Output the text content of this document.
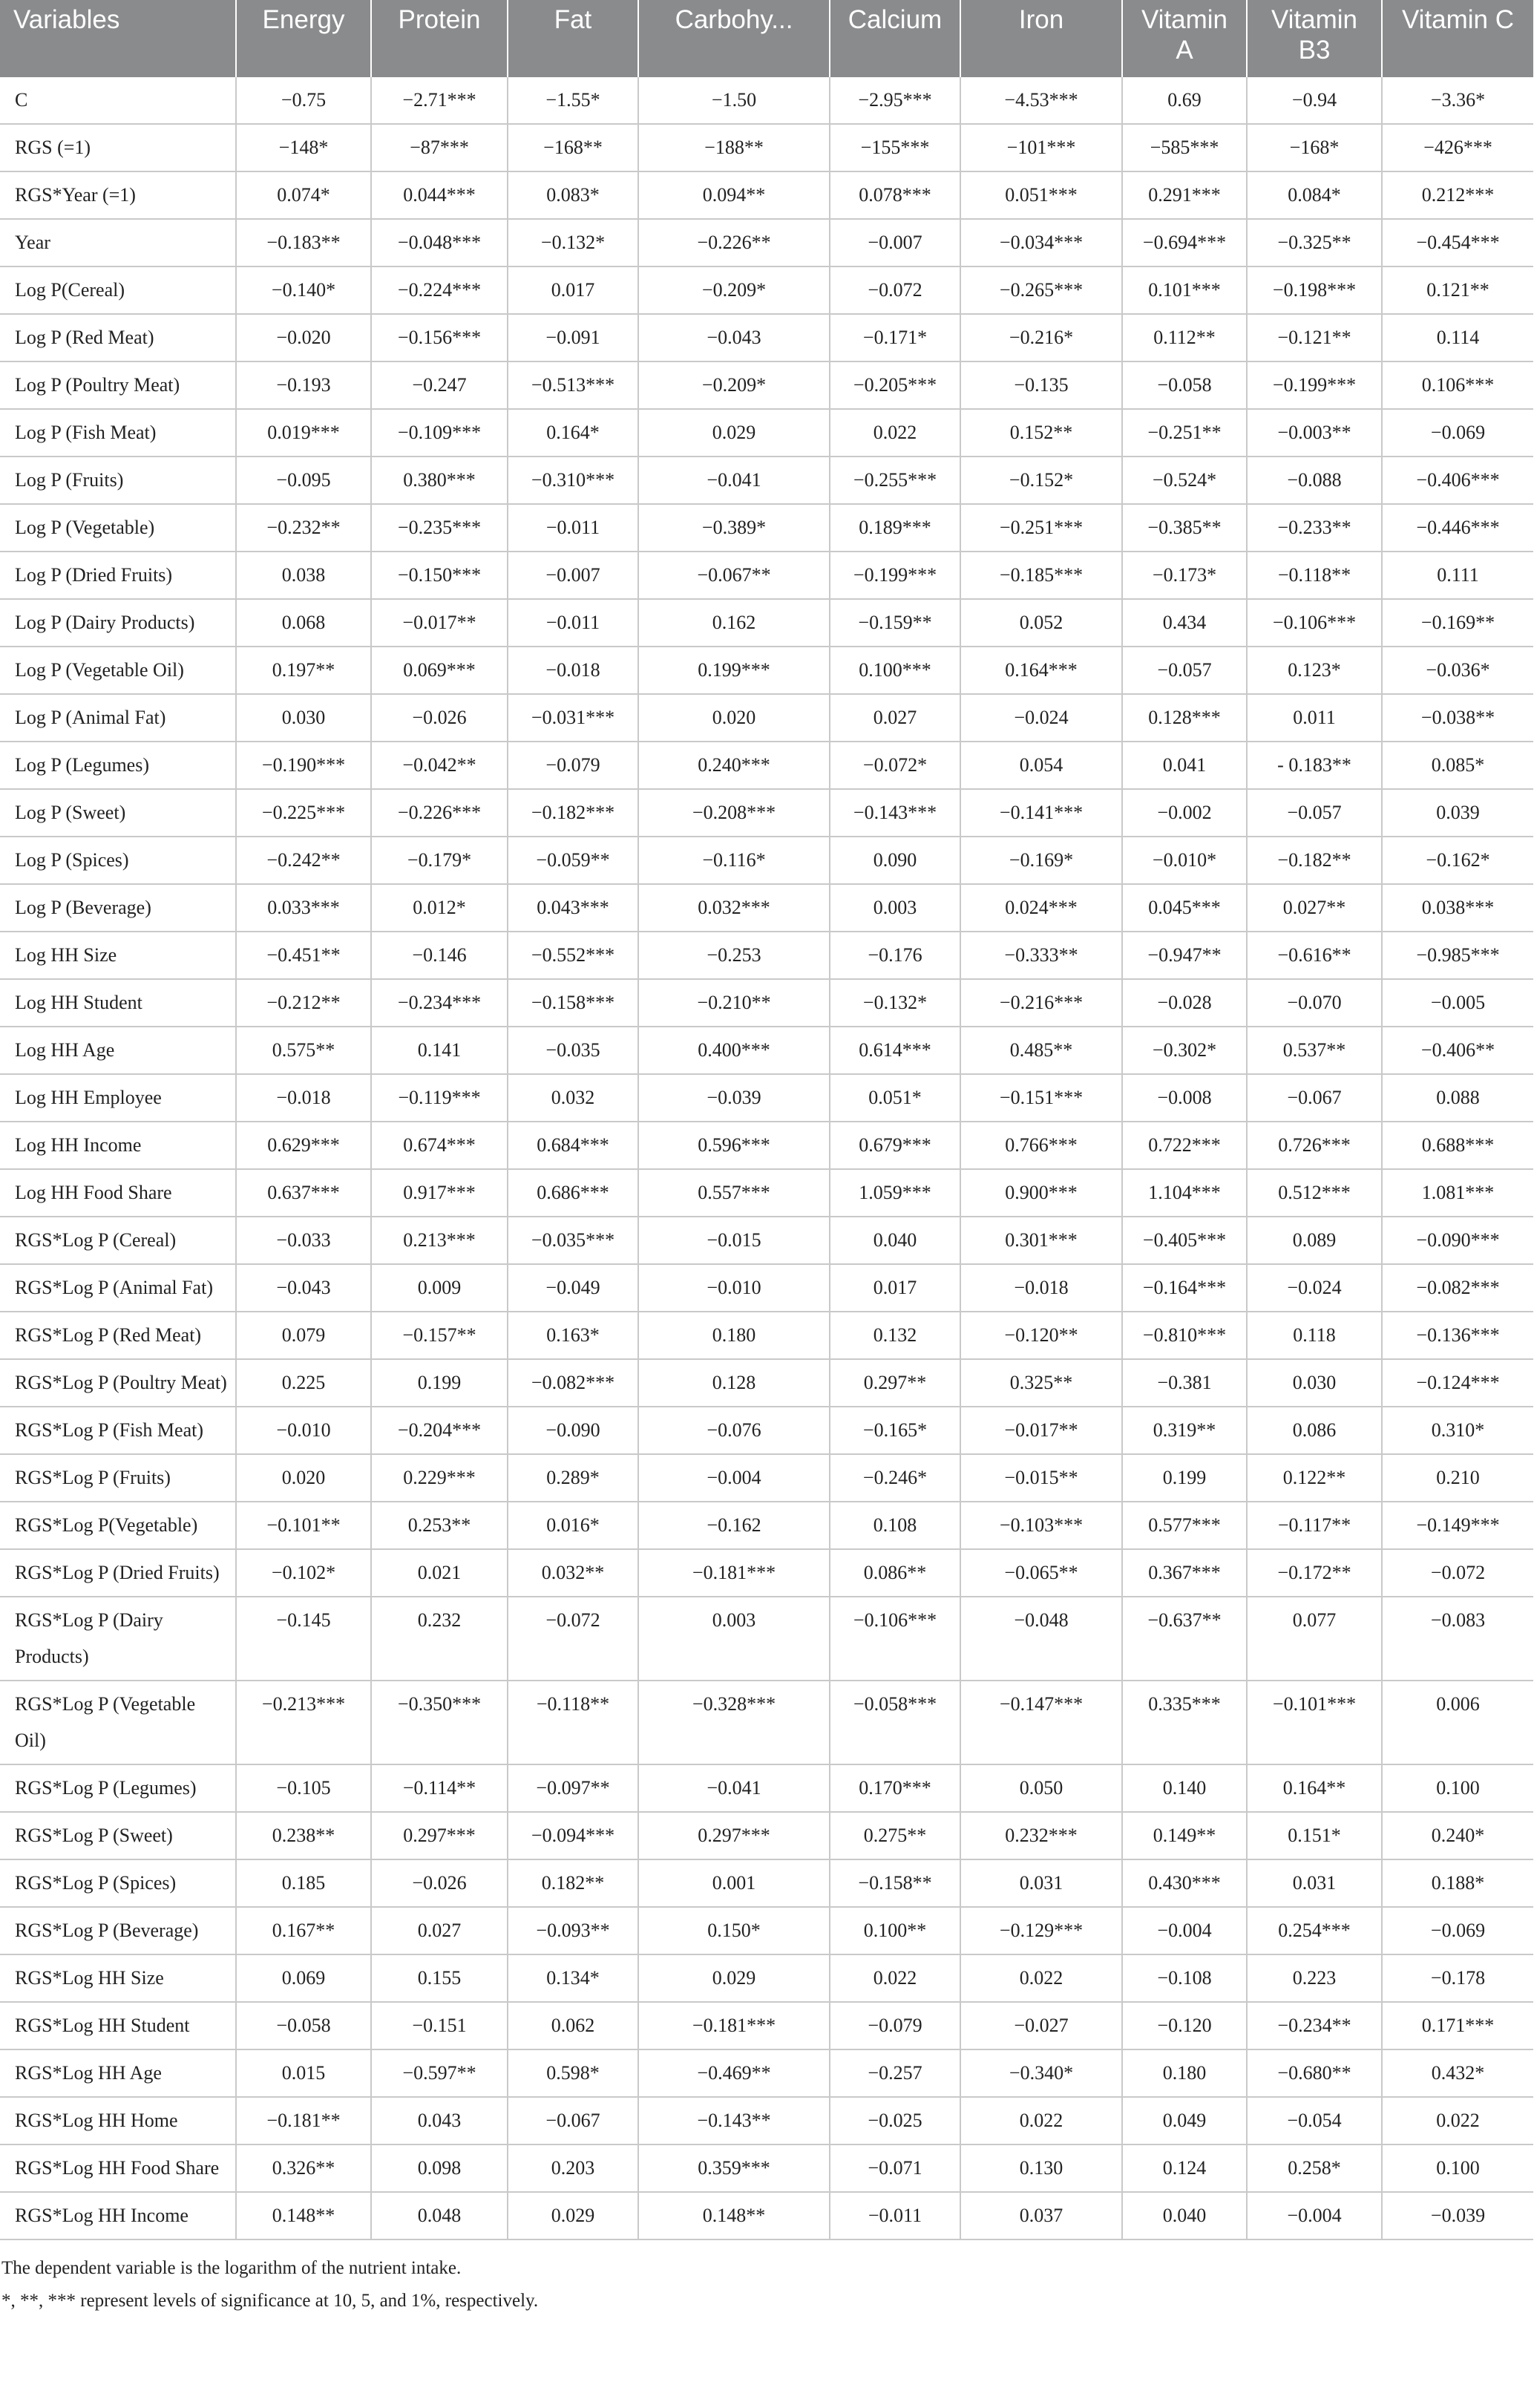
Variables	Energy	Protein	Fat	Carbohy...	Calcium	Iron	Vitamin A	Vitamin B3	Vitamin C
C	−0.75	−2.71***	−1.55*	−1.50	−2.95***	−4.53***	0.69	−0.94	−3.36*
RGS (=1)	−148*	−87***	−168**	−188**	−155***	−101***	−585***	−168*	−426***
RGS*Year (=1)	0.074*	0.044***	0.083*	0.094**	0.078***	0.051***	0.291***	0.084*	0.212***
Year	−0.183**	−0.048***	−0.132*	−0.226**	−0.007	−0.034***	−0.694***	−0.325**	−0.454***
Log P(Cereal)	−0.140*	−0.224***	0.017	−0.209*	−0.072	−0.265***	0.101***	−0.198***	0.121**
Log P (Red Meat)	−0.020	−0.156***	−0.091	−0.043	−0.171*	−0.216*	0.112**	−0.121**	0.114
Log P (Poultry Meat)	−0.193	−0.247	−0.513***	−0.209*	−0.205***	−0.135	−0.058	−0.199***	0.106***
Log P (Fish Meat)	0.019***	−0.109***	0.164*	0.029	0.022	0.152**	−0.251**	−0.003**	−0.069
Log P (Fruits)	−0.095	0.380***	−0.310***	−0.041	−0.255***	−0.152*	−0.524*	−0.088	−0.406***
Log P (Vegetable)	−0.232**	−0.235***	−0.011	−0.389*	0.189***	−0.251***	−0.385**	−0.233**	−0.446***
Log P (Dried Fruits)	0.038	−0.150***	−0.007	−0.067**	−0.199***	−0.185***	−0.173*	−0.118**	0.111
Log P (Dairy Products)	0.068	−0.017**	−0.011	0.162	−0.159**	0.052	0.434	−0.106***	−0.169**
Log P (Vegetable Oil)	0.197**	0.069***	−0.018	0.199***	0.100***	0.164***	−0.057	0.123*	−0.036*
Log P (Animal Fat)	0.030	−0.026	−0.031***	0.020	0.027	−0.024	0.128***	0.011	−0.038**
Log P (Legumes)	−0.190***	−0.042**	−0.079	0.240***	−0.072*	0.054	0.041	- 0.183**	0.085*
Log P (Sweet)	−0.225***	−0.226***	−0.182***	−0.208***	−0.143***	−0.141***	−0.002	−0.057	0.039
Log P (Spices)	−0.242**	−0.179*	−0.059**	−0.116*	0.090	−0.169*	−0.010*	−0.182**	−0.162*
Log P (Beverage)	0.033***	0.012*	0.043***	0.032***	0.003	0.024***	0.045***	0.027**	0.038***
Log HH Size	−0.451**	−0.146	−0.552***	−0.253	−0.176	−0.333**	−0.947**	−0.616**	−0.985***
Log HH Student	−0.212**	−0.234***	−0.158***	−0.210**	−0.132*	−0.216***	−0.028	−0.070	−0.005
Log HH Age	0.575**	0.141	−0.035	0.400***	0.614***	0.485**	−0.302*	0.537**	−0.406**
Log HH Employee	−0.018	−0.119***	0.032	−0.039	0.051*	−0.151***	−0.008	−0.067	0.088
Log HH Income	0.629***	0.674***	0.684***	0.596***	0.679***	0.766***	0.722***	0.726***	0.688***
Log HH Food Share	0.637***	0.917***	0.686***	0.557***	1.059***	0.900***	1.104***	0.512***	1.081***
RGS*Log P (Cereal)	−0.033	0.213***	−0.035***	−0.015	0.040	0.301***	−0.405***	0.089	−0.090***
RGS*Log P (Animal Fat)	−0.043	0.009	−0.049	−0.010	0.017	−0.018	−0.164***	−0.024	−0.082***
RGS*Log P (Red Meat)	0.079	−0.157**	0.163*	0.180	0.132	−0.120**	−0.810***	0.118	−0.136***
RGS*Log P (Poultry Meat)	0.225	0.199	−0.082***	0.128	0.297**	0.325**	−0.381	0.030	−0.124***
RGS*Log P (Fish Meat)	−0.010	−0.204***	−0.090	−0.076	−0.165*	−0.017**	0.319**	0.086	0.310*
RGS*Log P (Fruits)	0.020	0.229***	0.289*	−0.004	−0.246*	−0.015**	0.199	0.122**	0.210
RGS*Log P(Vegetable)	−0.101**	0.253**	0.016*	−0.162	0.108	−0.103***	0.577***	−0.117**	−0.149***
RGS*Log P (Dried Fruits)	−0.102*	0.021	0.032**	−0.181***	0.086**	−0.065**	0.367***	−0.172**	−0.072
RGS*Log P (Dairy Products)	−0.145	0.232	−0.072	0.003	−0.106***	−0.048	−0.637**	0.077	−0.083
RGS*Log P (Vegetable Oil)	−0.213***	−0.350***	−0.118**	−0.328***	−0.058***	−0.147***	0.335***	−0.101***	0.006
RGS*Log P (Legumes)	−0.105	−0.114**	−0.097**	−0.041	0.170***	0.050	0.140	0.164**	0.100
RGS*Log P (Sweet)	0.238**	0.297***	−0.094***	0.297***	0.275**	0.232***	0.149**	0.151*	0.240*
RGS*Log P (Spices)	0.185	−0.026	0.182**	0.001	−0.158**	0.031	0.430***	0.031	0.188*
RGS*Log P (Beverage)	0.167**	0.027	−0.093**	0.150*	0.100**	−0.129***	−0.004	0.254***	−0.069
RGS*Log HH Size	0.069	0.155	0.134*	0.029	0.022	0.022	−0.108	0.223	−0.178
RGS*Log HH Student	−0.058	−0.151	0.062	−0.181***	−0.079	−0.027	−0.120	−0.234**	0.171***
RGS*Log HH Age	0.015	−0.597**	0.598*	−0.469**	−0.257	−0.340*	0.180	−0.680**	0.432*
RGS*Log HH Home	−0.181**	0.043	−0.067	−0.143**	−0.025	0.022	0.049	−0.054	0.022
RGS*Log HH Food Share	0.326**	0.098	0.203	0.359***	−0.071	0.130	0.124	0.258*	0.100
RGS*Log HH Income	0.148**	0.048	0.029	0.148**	−0.011	0.037	0.040	−0.004	−0.039
The dependent variable is the logarithm of the nutrient intake.
*, **, *** represent levels of significance at 10, 5, and 1%, respectively.
